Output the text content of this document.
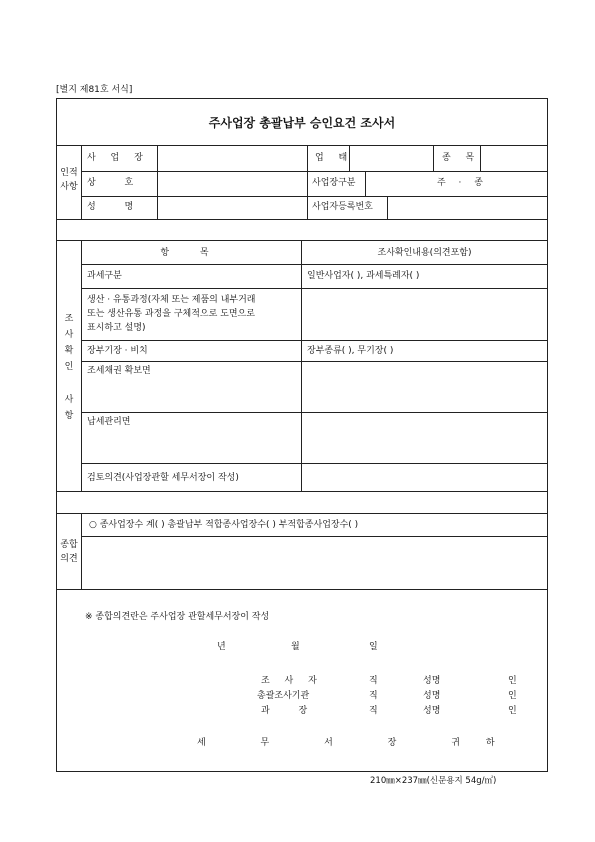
[별지 제81호 서식]
주사업장 총괄납부 승인요건 조사서
인적
사항
사 업 장	업 태	종 목
상 호	사업장구분	주 · 종
성 명	사업자등록번호
조
사
확
인
사
항
항 목	조사확인내용(의견포함)
과세구분	일반사업자( ), 과세특례자( )
생산 · 유통과정(자체 또는 제품의 내부거래
또는 생산유통 과정을 구체적으로 도면으로
표시하고 설명)
장부기장 · 비치	장부종류( ), 무기장( )
조세채권 확보면
납세관리면
검토의견(사업장관할 세무서장이 작성)
종합
의견
○ 종사업장수 계( ) 총괄납부 적합종사업장수( ) 부적합종사업장수( )
※ 종합의견란은 주사업장 관할세무서장이 작성
년	월	일
조 사 자	직	성명	인
총괄조사기관	직	성명	인
과 장	직	성명	인
세 무 서 장 귀하
210㎜×237㎜(신문용지 54g/㎡)
